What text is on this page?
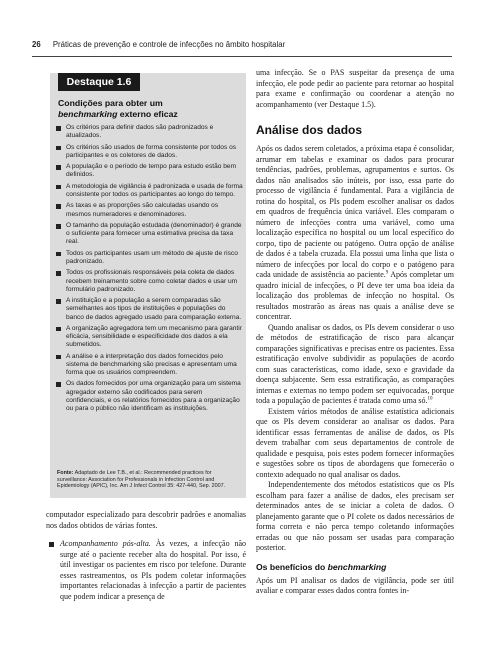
26 Práticas de prevenção e controle de infecções no âmbito hospitalar
Destaque 1.6
Condições para obter um
benchmarking externo eficaz
Os critérios para definir dados são padronizados e atualizados.
Os critérios são usados de forma consistente por todos os participantes e os coletores de dados.
A população e o período de tempo para estudo estão bem definidos.
A metodologia de vigilância é padronizada e usada de forma consistente por todos os participantes ao longo do tempo.
As taxas e as proporções são calculadas usando os mesmos numeradores e denominadores.
O tamanho da população estudada (denominador) é grande o suficiente para fornecer uma estimativa precisa da taxa real.
Todos os participantes usam um método de ajuste de risco padronizado.
Todos os profissionais responsáveis pela coleta de dados recebem treinamento sobre como coletar dados e usar um formulário padronizado.
A instituição e a população a serem comparadas são semelhantes aos tipos de instituições e populações do banco de dados agregado usado para comparação externa.
A organização agregadora tem um mecanismo para garantir eficácia, sensibilidade e especificidade dos dados a ela submetidos.
A análise e a interpretação dos dados fornecidos pelo sistema de benchmarking são precisas e apresentam uma forma que os usuários compreendem.
Os dados fornecidos por uma organização para um sistema agregador externo são codificados para serem confidenciais, e os relatórios fornecidos para a organização ou para o público não identificam as instituições.
Fonte: Adaptado de Lee T.B., et al.: Recommended practices for surveillance: Association for Professionals in Infection Control and Epidemiology (APIC), Inc. Am J Infect Control 35: 427-440, Sep. 2007.

computador especializado para descobrir padrões e anomalias nos dados obtidos de várias fontes.

Acompanhamento pós-alta. Às vezes, a infecção não surge até o paciente receber alta do hospital. Por isso, é útil investigar os pacientes em risco por telefone. Durante esses rastreamentos, os PIs podem coletar informações importantes relacionadas à infecção a partir de pacientes que podem indicar a presença de

uma infecção. Se o PAS suspeitar da presença de uma infecção, ele pode pedir ao paciente para retornar ao hospital para exame e confirmação ou coordenar a atenção no acompanhamento (ver Destaque 1.5).

Análise dos dados

Após os dados serem coletados, a próxima etapa é consolidar, arrumar em tabelas e examinar os dados para procurar tendências, padrões, problemas, agrupamentos e surtos. Os dados não analisados são inúteis, por isso, essa parte do processo de vigilância é fundamental. Para a vigilância de rotina do hospital, os PIs podem escolher analisar os dados em quadros de frequência única variável. Eles comparam o número de infecções contra uma variável, como uma localização específica no hospital ou um local específico do corpo, tipo de paciente ou patógeno. Outra opção de análise de dados é a tabela cruzada. Ela possui uma linha que lista o número de infecções por local do corpo e o patógeno para cada unidade de assistência ao paciente.$^9$ Após completar um quadro inicial de infecções, o PI deve ter uma boa ideia da localização dos problemas de infecção no hospital. Os resultados mostrarão as áreas nas quais a análise deve se concentrar.

Quando analisar os dados, os PIs devem considerar o uso de métodos de estratificação de risco para alcançar comparações significativas e precisas entre os pacientes. Essa estratificação envolve subdividir as populações de acordo com suas características, como idade, sexo e gravidade da doença subjacente. Sem essa estratificação, as comparações internas e externas no tempo podem ser equivocadas, porque toda a população de pacientes é tratada como uma só.$^{10}$

Existem vários métodos de análise estatística adicionais que os PIs devem considerar ao analisar os dados. Para identificar essas ferramentas de análise de dados, os PIs devem trabalhar com seus departamentos de controle de qualidade e pesquisa, pois estes podem fornecer informações e sugestões sobre os tipos de abordagens que fornecerão o contexto adequado no qual analisar os dados.

Independentemente dos métodos estatísticos que os PIs escolham para fazer a análise de dados, eles precisam ser determinados antes de se iniciar a coleta de dados. O planejamento garante que o PI colete os dados necessários de forma correta e não perca tempo coletando informações erradas ou que não possam ser usadas para comparação posterior.

Os benefícios do benchmarking

Após um PI analisar os dados de vigilância, pode ser útil avaliar e comparar esses dados contra fontes in-
